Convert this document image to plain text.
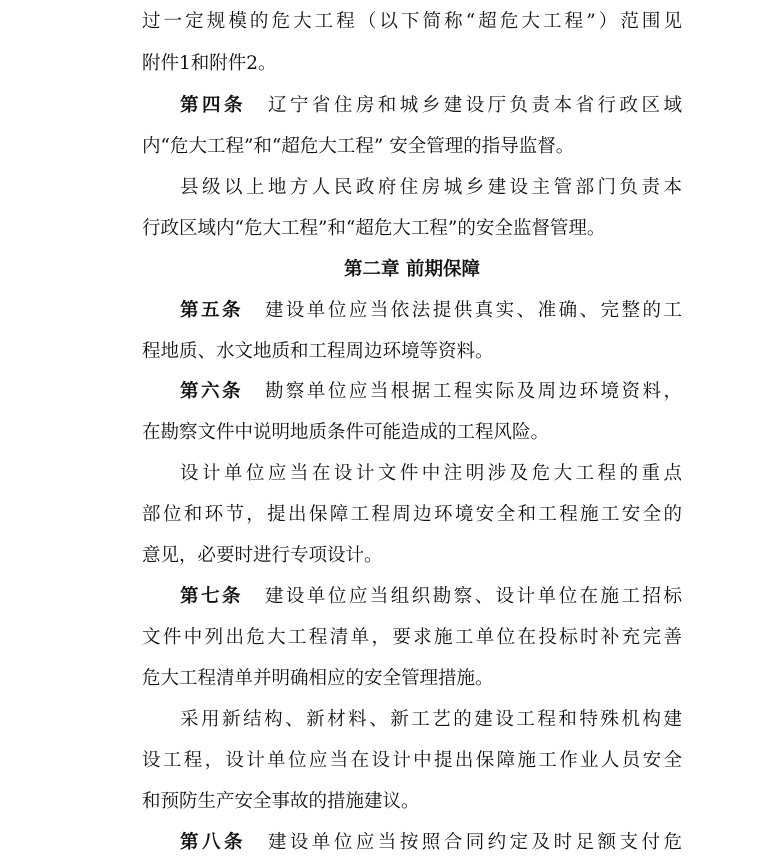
过一定规模的危大工程（以下简称“超危大工程”）范围见
附件1和附件2。
第四条 辽宁省住房和城乡建设厅负责本省行政区域
内“危大工程”和“超危大工程” 安全管理的指导监督。
县级以上地方人民政府住房城乡建设主管部门负责本
行政区域内“危大工程”和“超危大工程”的安全监督管理。
第二章 前期保障
第五条 建设单位应当依法提供真实、准确、完整的工
程地质、水文地质和工程周边环境等资料。
第六条 勘察单位应当根据工程实际及周边环境资料，
在勘察文件中说明地质条件可能造成的工程风险。
设计单位应当在设计文件中注明涉及危大工程的重点
部位和环节，提出保障工程周边环境安全和工程施工安全的
意见，必要时进行专项设计。
第七条 建设单位应当组织勘察、设计单位在施工招标
文件中列出危大工程清单，要求施工单位在投标时补充完善
危大工程清单并明确相应的安全管理措施。
采用新结构、新材料、新工艺的建设工程和特殊机构建
设工程，设计单位应当在设计中提出保障施工作业人员安全
和预防生产安全事故的措施建议。
第八条 建设单位应当按照合同约定及时足额支付危
